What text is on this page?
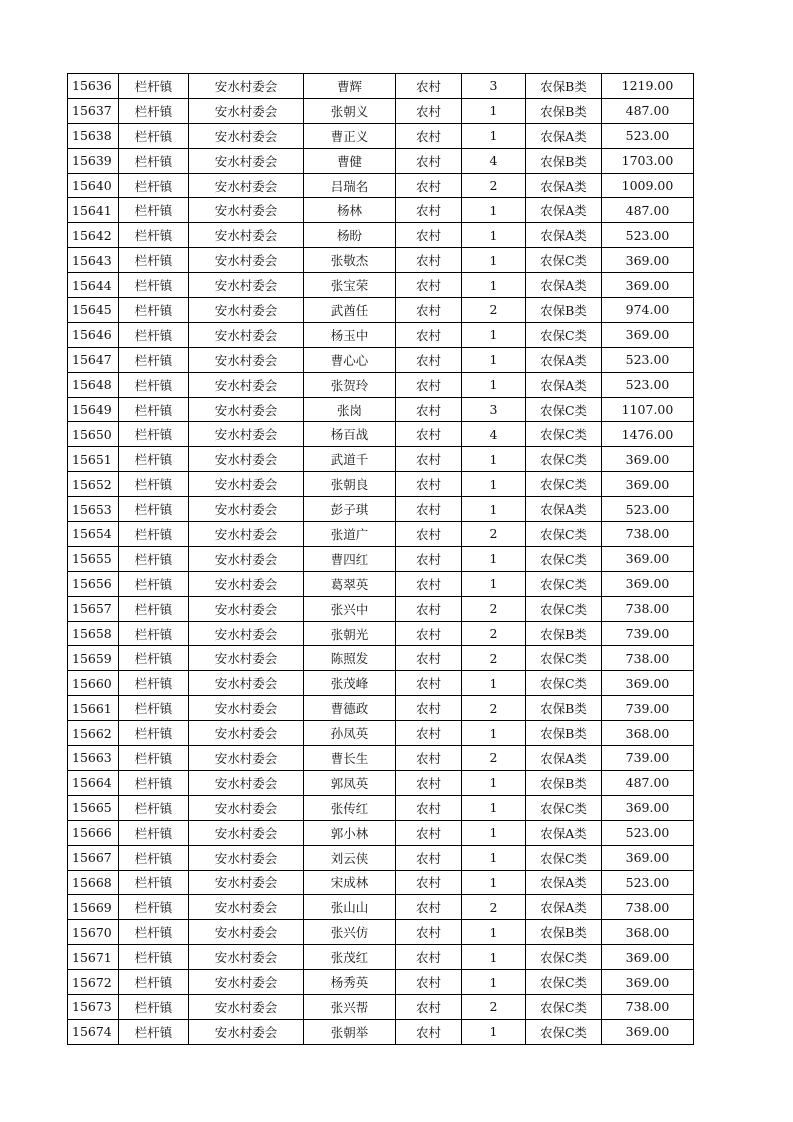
15636	栏杆镇	安水村委会	曹辉	农村	3	农保B类	1219.00
15637	栏杆镇	安水村委会	张朝义	农村	1	农保B类	487.00
15638	栏杆镇	安水村委会	曹正义	农村	1	农保A类	523.00
15639	栏杆镇	安水村委会	曹健	农村	4	农保B类	1703.00
15640	栏杆镇	安水村委会	吕瑞名	农村	2	农保A类	1009.00
15641	栏杆镇	安水村委会	杨林	农村	1	农保A类	487.00
15642	栏杆镇	安水村委会	杨盼	农村	1	农保A类	523.00
15643	栏杆镇	安水村委会	张敬杰	农村	1	农保C类	369.00
15644	栏杆镇	安水村委会	张宝荣	农村	1	农保A类	369.00
15645	栏杆镇	安水村委会	武酋任	农村	2	农保B类	974.00
15646	栏杆镇	安水村委会	杨玉中	农村	1	农保C类	369.00
15647	栏杆镇	安水村委会	曹心心	农村	1	农保A类	523.00
15648	栏杆镇	安水村委会	张贺玲	农村	1	农保A类	523.00
15649	栏杆镇	安水村委会	张岗	农村	3	农保C类	1107.00
15650	栏杆镇	安水村委会	杨百战	农村	4	农保C类	1476.00
15651	栏杆镇	安水村委会	武道千	农村	1	农保C类	369.00
15652	栏杆镇	安水村委会	张朝良	农村	1	农保C类	369.00
15653	栏杆镇	安水村委会	彭子琪	农村	1	农保A类	523.00
15654	栏杆镇	安水村委会	张道广	农村	2	农保C类	738.00
15655	栏杆镇	安水村委会	曹四红	农村	1	农保C类	369.00
15656	栏杆镇	安水村委会	葛翠英	农村	1	农保C类	369.00
15657	栏杆镇	安水村委会	张兴中	农村	2	农保C类	738.00
15658	栏杆镇	安水村委会	张朝光	农村	2	农保B类	739.00
15659	栏杆镇	安水村委会	陈照发	农村	2	农保C类	738.00
15660	栏杆镇	安水村委会	张茂峰	农村	1	农保C类	369.00
15661	栏杆镇	安水村委会	曹德政	农村	2	农保B类	739.00
15662	栏杆镇	安水村委会	孙凤英	农村	1	农保B类	368.00
15663	栏杆镇	安水村委会	曹长生	农村	2	农保A类	739.00
15664	栏杆镇	安水村委会	郭凤英	农村	1	农保B类	487.00
15665	栏杆镇	安水村委会	张传红	农村	1	农保C类	369.00
15666	栏杆镇	安水村委会	郭小林	农村	1	农保A类	523.00
15667	栏杆镇	安水村委会	刘云侠	农村	1	农保C类	369.00
15668	栏杆镇	安水村委会	宋成林	农村	1	农保A类	523.00
15669	栏杆镇	安水村委会	张山山	农村	2	农保A类	738.00
15670	栏杆镇	安水村委会	张兴仿	农村	1	农保B类	368.00
15671	栏杆镇	安水村委会	张茂红	农村	1	农保C类	369.00
15672	栏杆镇	安水村委会	杨秀英	农村	1	农保C类	369.00
15673	栏杆镇	安水村委会	张兴帮	农村	2	农保C类	738.00
15674	栏杆镇	安水村委会	张朝举	农村	1	农保C类	369.00
